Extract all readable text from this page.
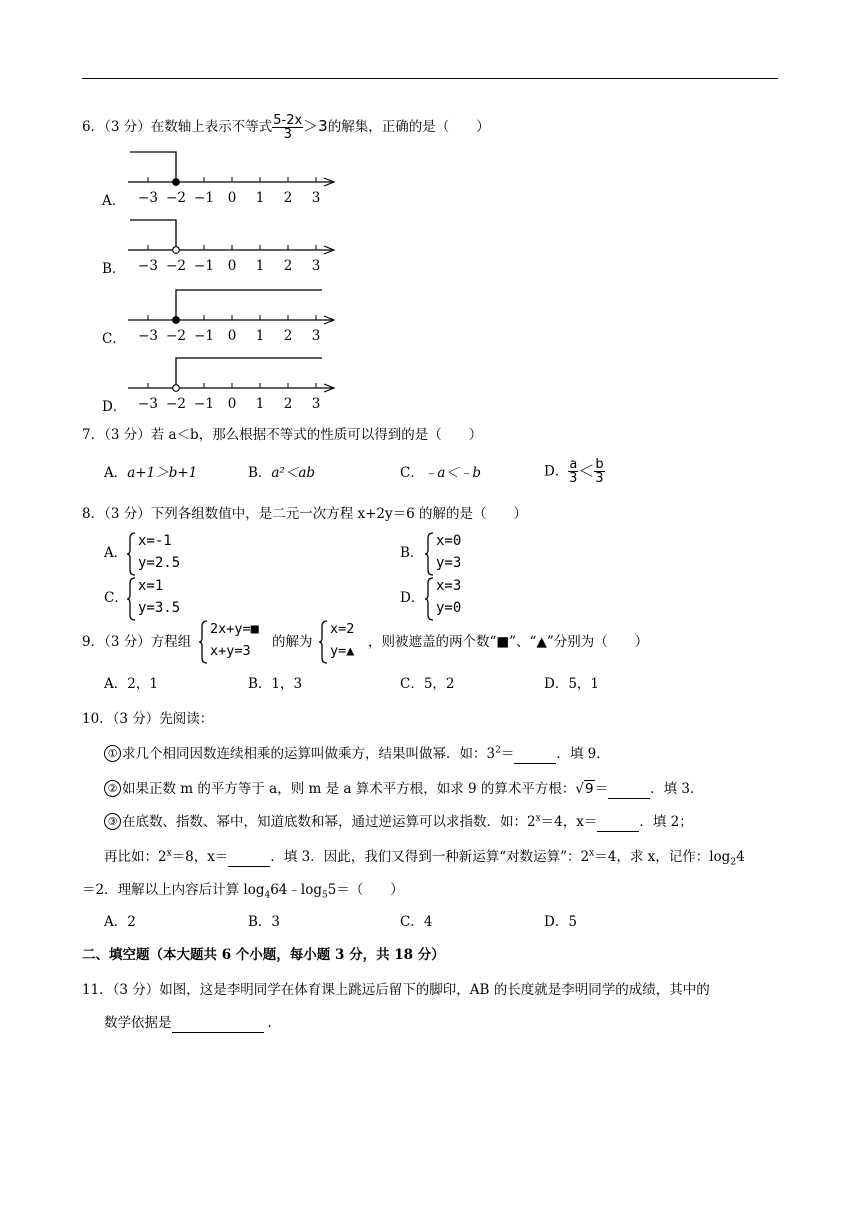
6．（3 分）在数轴上表示不等式 $\frac{5-2x}{3} >3$的解集，正确的是（　　）
A． −3 −2 −1 0 1 2 3
B． −3 −2 −1 0 1 2 3
C． −3 −2 −1 0 1 2 3
D． −3 −2 −1 0 1 2 3
7．（3 分）若 a＜b，那么根据不等式的性质可以得到的是（　　）
A．a+1＞b+1	B．a²＜ab	C．﹣a＜﹣b	D． $\frac{a}{3} < \frac{b}{3}$
8．（3 分）下列各组数值中，是二元一次方程 x+2y＝6 的解的是（　　）
A．
x=-1
y=2.5
B．
x=0
y=3
C．
x=1
y=3.5
D．
x=3
y=0
9．（3 分）方程组
2x+y=■
x+y=3
的解为
x=2
y=▲
，则被遮盖的两个数“■”、“▲”分别为（　　）
A．2，1	B．1，3	C．5，2	D．5，1
10．（3 分）先阅读：
① 求几个相同因数连续相乘的运算叫做乘方，结果叫做幂．如：$3^2=$	．填 9．
② 如果正数 m 的平方等于 a，则 m 是 a 算术平方根，如求 9 的算术平方根：√9＝	．填 3．
③ 在底数、指数、幂中，知道底数和幂，通过逆运算可以求指数．如：$2^x=4$，x＝	．填 2；
再比如：$2^x=8$，x＝	．填 3．因此，我们又得到一种新运算“对数运算”：$2^x=4$，求 x，记作：$\log_24$
＝2．理解以上内容后计算 $\log_464﹣\log_55=$（　　）
A．2	B．3	C．4	D．5
二、填空题（本大题共 6 个小题，每小题 3 分，共 18 分）
11．（3 分）如图，这是李明同学在体育课上跳远后留下的脚印，AB 的长度就是李明同学的成绩，其中的
数学依据是	．
